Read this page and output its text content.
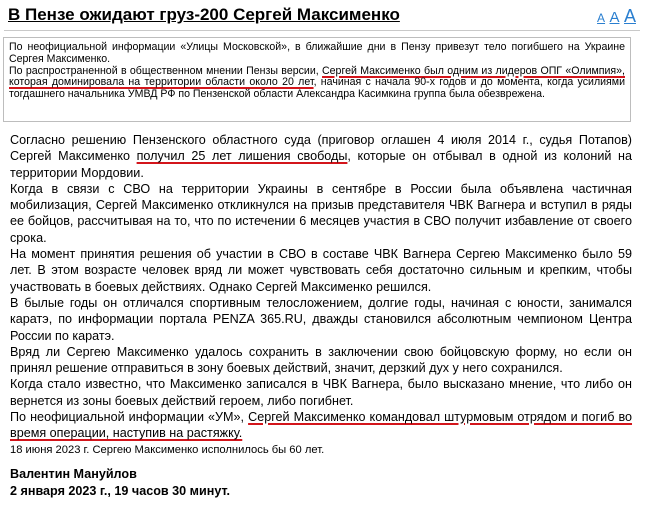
В Пензе ожидают груз-200 Сергей Максименко	А А А

По неофициальной информации «Улицы Московской», в ближайшие дни в Пензу привезут тело погибшего на Украине Сергея Максименко.

По распространенной в общественном мнении Пензы версии, Сергей Максименко был одним из лидеров ОПГ «Олимпия», которая доминировала на территории области около 20 лет, начиная с начала 90-х годов и до момента, когда усилиями тогдашнего начальника УМВД РФ по Пензенской области Александра Касимкина группа была обезврежена.

Согласно решению Пензенского областного суда (приговор оглашен 4 июля 2014 г., судья Потапов) Сергей Максименко получил 25 лет лишения свободы, которые он отбывал в одной из колоний на территории Мордовии.

Когда в связи с СВО на территории Украины в сентябре в России была объявлена частичная мобилизация, Сергей Максименко откликнулся на призыв представителя ЧВК Вагнера и вступил в ряды ее бойцов, рассчитывая на то, что по истечении 6 месяцев участия в СВО получит избавление от своего срока.

На момент принятия решения об участии в СВО в составе ЧВК Вагнера Сергею Максименко было 59 лет. В этом возрасте человек вряд ли может чувствовать себя достаточно сильным и крепким, чтобы участвовать в боевых действиях. Однако Сергей Максименко решился.

В былые годы он отличался спортивным телосложением, долгие годы, начиная с юности, занимался каратэ, по информации портала PENZA 365.RU, дважды становился абсолютным чемпионом Центра России по каратэ.

Вряд ли Сергею Максименко удалось сохранить в заключении свою бойцовскую форму, но если он принял решение отправиться в зону боевых действий, значит, дерзкий дух у него сохранился.

Когда стало известно, что Максименко записался в ЧВК Вагнера, было высказано мнение, что либо он вернется из зоны боевых действий героем, либо погибнет.

По неофициальной информации «УМ», Сергей Максименко командовал штурмовым отрядом и погиб во время операции, наступив на растяжку.

18 июня 2023 г. Сергею Максименко исполнилось бы 60 лет.

Валентин Мануйлов
2 января 2023 г., 19 часов 30 минут.
